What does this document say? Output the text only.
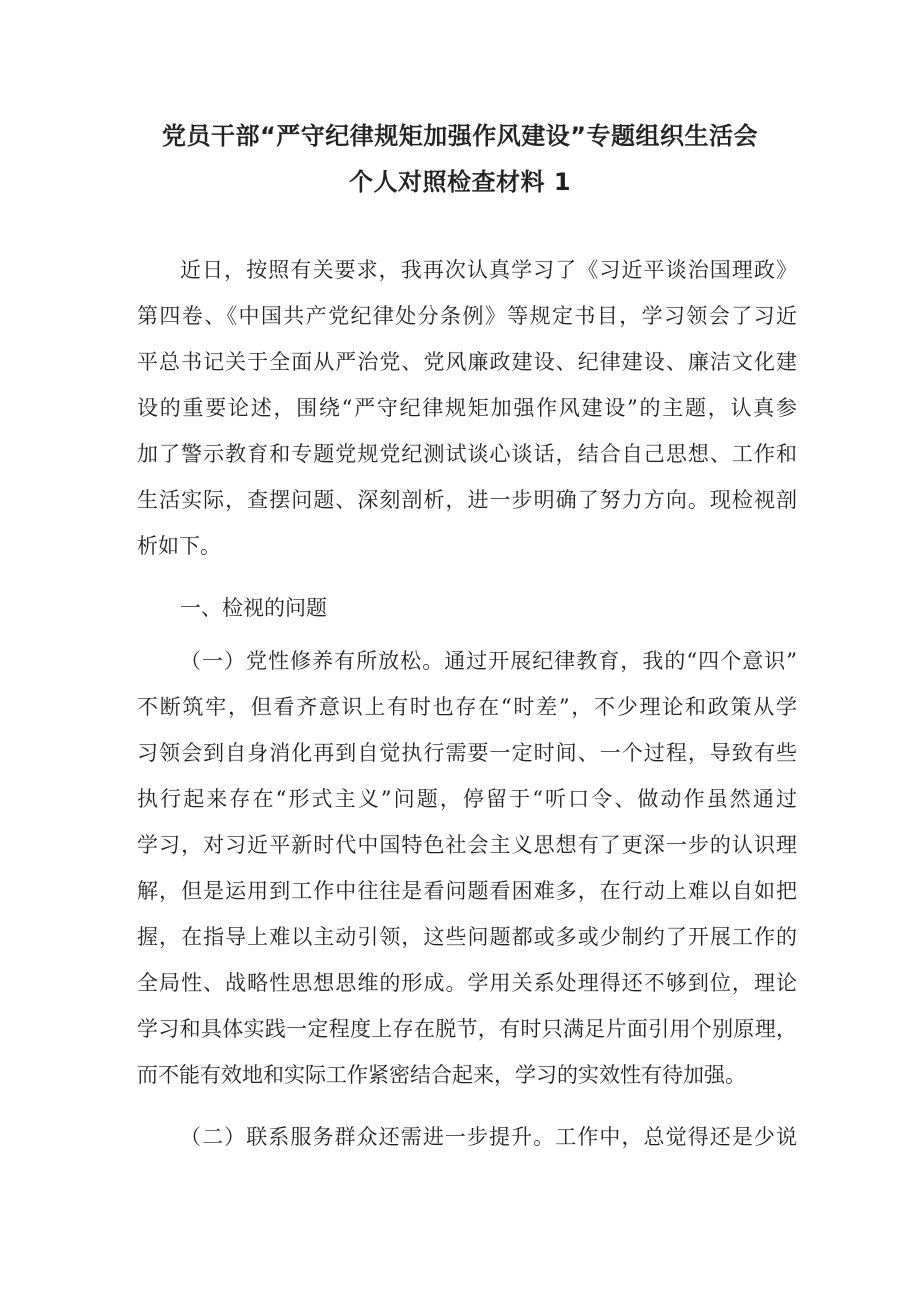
党员干部“严守纪律规矩加强作风建设”专题组织生活会
个人对照检查材料 1
近日，按照有关要求，我再次认真学习了《习近平谈治国理政》
第四卷、《中国共产党纪律处分条例》等规定书目，学习领会了习近
平总书记关于全面从严治党、党风廉政建设、纪律建设、廉洁文化建
设的重要论述，围绕“严守纪律规矩加强作风建设”的主题，认真参
加了警示教育和专题党规党纪测试谈心谈话，结合自己思想、工作和
生活实际，查摆问题、深刻剖析，进一步明确了努力方向。现检视剖
析如下。
一、检视的问题
（一）党性修养有所放松。通过开展纪律教育，我的“四个意识”
不断筑牢，但看齐意识上有时也存在“时差”，不少理论和政策从学
习领会到自身消化再到自觉执行需要一定时间、一个过程，导致有些
执行起来存在“形式主义”问题，停留于“听口令、做动作虽然通过
学习，对习近平新时代中国特色社会主义思想有了更深一步的认识理
解，但是运用到工作中往往是看问题看困难多，在行动上难以自如把
握，在指导上难以主动引领，这些问题都或多或少制约了开展工作的
全局性、战略性思想思维的形成。学用关系处理得还不够到位，理论
学习和具体实践一定程度上存在脱节，有时只满足片面引用个别原理，
而不能有效地和实际工作紧密结合起来，学习的实效性有待加强。
（二）联系服务群众还需进一步提升。工作中，总觉得还是少说
